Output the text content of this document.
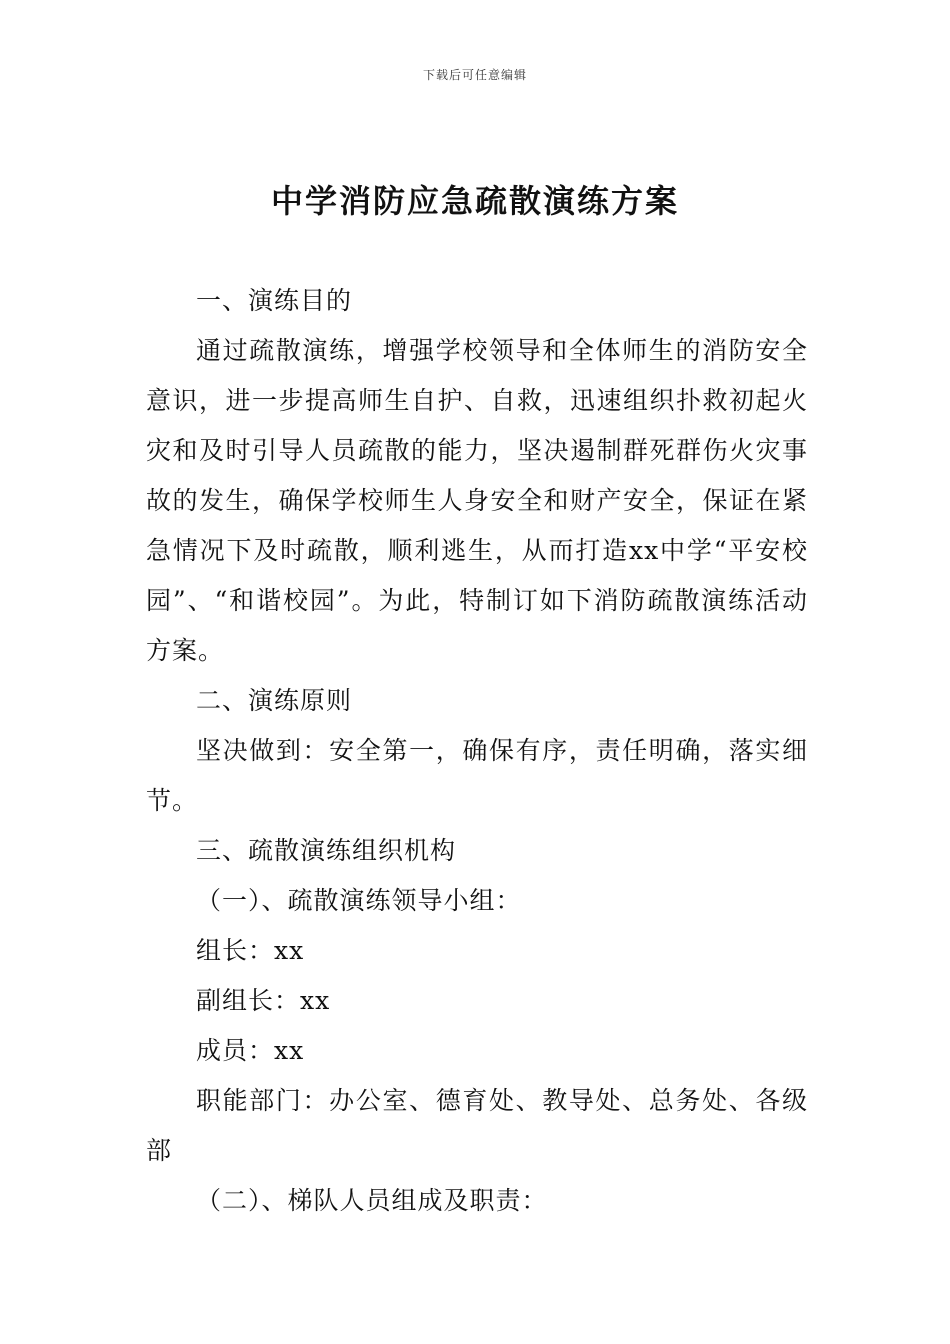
下载后可任意编辑
中学消防应急疏散演练方案

一、演练目的

通过疏散演练，增强学校领导和全体师生的消防安全意识，进一步提高师生自护、自救，迅速组织扑救初起火灾和及时引导人员疏散的能力，坚决遏制群死群伤火灾事故的发生，确保学校师生人身安全和财产安全，保证在紧急情况下及时疏散，顺利逃生，从而打造xx中学“平安校园”、“和谐校园”。为此，特制订如下消防疏散演练活动方案。

二、演练原则

坚决做到：安全第一，确保有序，责任明确，落实细节。

三、疏散演练组织机构

（一）、疏散演练领导小组：

组长：xx

副组长：xx

成员：xx

职能部门：办公室、德育处、教导处、总务处、各级部

（二）、梯队人员组成及职责：
